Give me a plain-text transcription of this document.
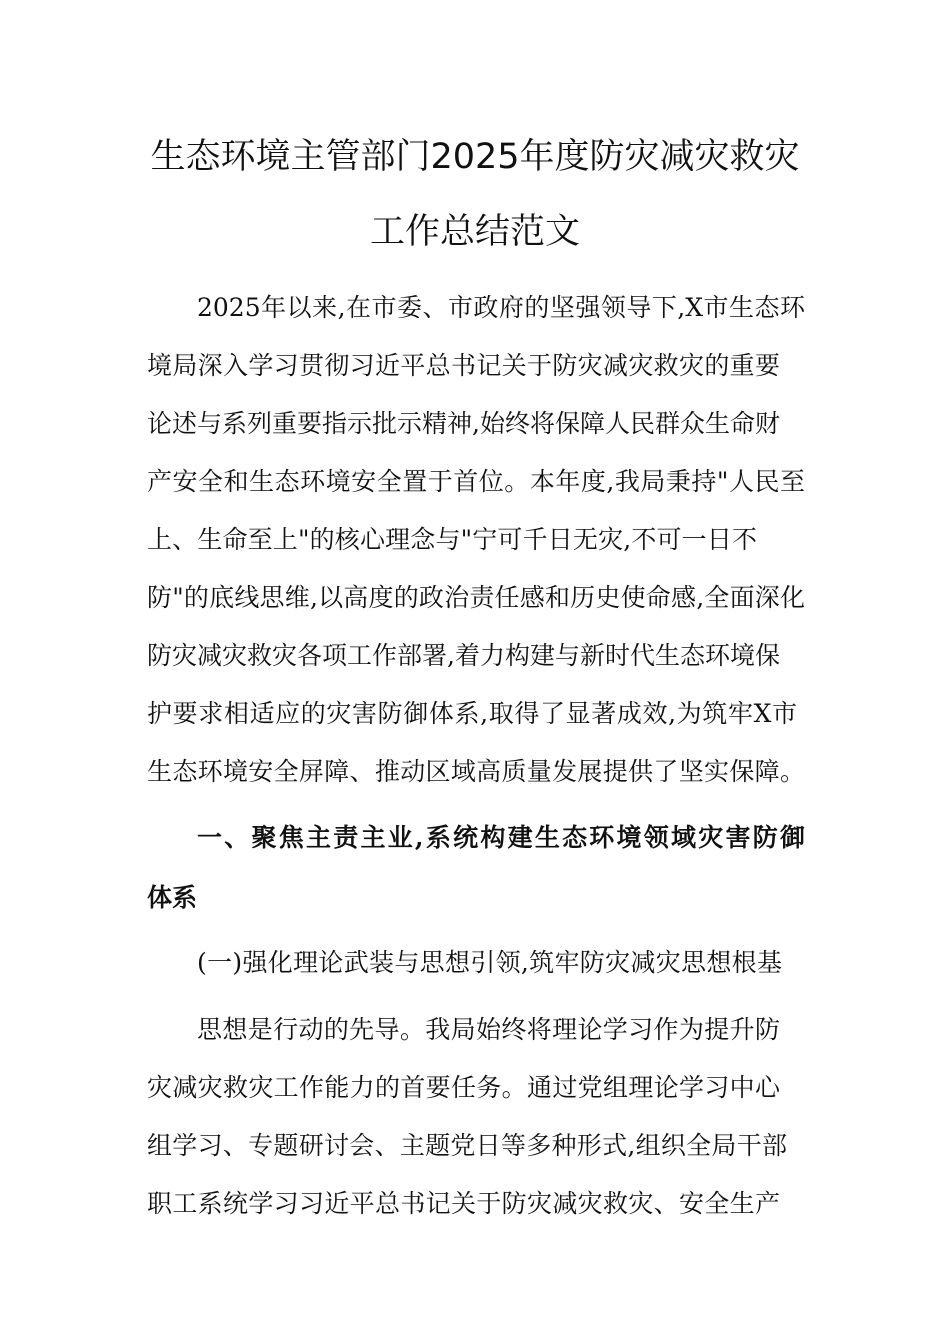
生态环境主管部门2025年度防灾减灾救灾
工作总结范文
2025年以来,在市委、市政府的坚强领导下,X市生态环
境局深入学习贯彻习近平总书记关于防灾减灾救灾的重要
论述与系列重要指示批示精神,始终将保障人民群众生命财
产安全和生态环境安全置于首位。本年度,我局秉持"人民至
上、生命至上"的核心理念与"宁可千日无灾,不可一日不
防"的底线思维,以高度的政治责任感和历史使命感,全面深化
防灾减灾救灾各项工作部署,着力构建与新时代生态环境保
护要求相适应的灾害防御体系,取得了显著成效,为筑牢X市
生态环境安全屏障、推动区域高质量发展提供了坚实保障。
一、聚焦主责主业,系统构建生态环境领域灾害防御
体系
(一)强化理论武装与思想引领,筑牢防灾减灾思想根基
思想是行动的先导。我局始终将理论学习作为提升防
灾减灾救灾工作能力的首要任务。通过党组理论学习中心
组学习、专题研讨会、主题党日等多种形式,组织全局干部
职工系统学习习近平总书记关于防灾减灾救灾、安全生产
